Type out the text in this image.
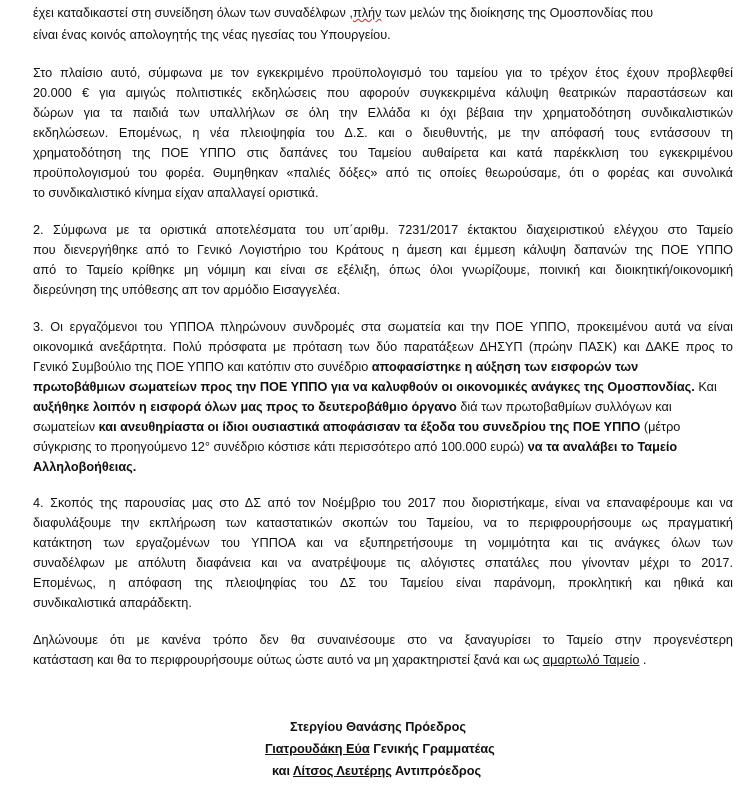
έχει καταδικαστεί στη συνείδηση όλων των συναδέλφων ,πλήν των μελών της διοίκησης της Ομοσπονδίας που
είναι ένας κοινός απολογητής της νέας ηγεσίας του Υπουργείου.
Στο πλαίσιο αυτό, σύμφωνα με τον εγκεκριμένο προϋπολογισμό του ταμείου για το τρέχον έτος έχουν προβλεφθεί
20.000 € για αμιγώς πολιτιστικές εκδηλώσεις που αφορούν συγκεκριμένα κάλυψη θεατρικών παραστάσεων και
δώρων για τα παιδιά των υπαλλήλων σε όλη την Ελλάδα κι όχι βέβαια την χρηματοδότηση συνδικαλιστικών
εκδηλώσεων. Επομένως, η νέα πλειοψηφία του Δ.Σ. και ο διευθυντής, με την απόφασή τους εντάσσουν τη
χρηματοδότηση της ΠΟΕ ΥΠΠΟ στις δαπάνες του Ταμείου αυθαίρετα και κατά παρέκκλιση του εγκεκριμένου
προϋπολογισμού του φορέα. Θυμηθηκαν «παλιές δόξες» από τις οποίες θεωρούσαμε, ότι ο φορέας και συνολικά
το συνδικαλιστικό κίνημα είχαν απαλλαγεί οριστικά.
2. Σύμφωνα με τα οριστικά αποτελέσματα του υπ΄αριθμ. 7231/2017 έκτακτου διαχειριστικού ελέγχου στο Ταμείο
που διενεργήθηκε από το Γενικό Λογιστήριο του Κράτους η άμεση και έμμεση κάλυψη δαπανών της ΠΟΕ ΥΠΠΟ
από το Ταμείο κρίθηκε μη νόμιμη και είναι σε εξέλιξη, όπως όλοι γνωρίζουμε, ποινική και διοικητική/οικονομική
διερεύνηση της υπόθεσης απ τον αρμόδιο Εισαγγελέα.
3. Οι εργαζόμενοι του ΥΠΠΟΑ πληρώνουν συνδρομές στα σωματεία και την ΠΟΕ ΥΠΠΟ, προκειμένου αυτά να είναι
οικονομικά ανεξάρτητα. Πολύ πρόσφατα με πρόταση των δύο παρατάξεων ΔΗΣΥΠ (πρώην ΠΑΣΚ) και ΔΑΚΕ προς το
Γενικό Συμβούλιο της ΠΟΕ ΥΠΠΟ και κατόπιν στο συνέδριο αποφασίστηκε η αύξηση των εισφορών των
πρωτοβάθμιων σωματείων προς την ΠΟΕ ΥΠΠΟ για να καλυφθούν οι οικονομικές ανάγκες της Ομοσπονδίας. Και
αυξήθηκε λοιπόν η εισφορά όλων μας προς το δευτεροβάθμιο όργανο διά των πρωτοβαθμίων συλλόγων και
σωματείων και ανευθηρίαστα οι ίδιοι ουσιαστικά αποφάσισαν τα έξοδα του συνεδρίου της ΠΟΕ ΥΠΠΟ (μέτρο
σύγκρισης το προηγούμενο 12° συνέδριο κόστισε κάτι περισσότερο από 100.000 ευρώ) να τα αναλάβει το Ταμείο
Αλληλοβοήθειας.
4. Σκοπός της παρουσίας μας στο ΔΣ από τον Νοέμβριο του 2017 που διοριστήκαμε, είναι να επαναφέρουμε και να
διαφυλάξουμε την εκπλήρωση των καταστατικών σκοπών του Ταμείου, να το περιφρουρήσουμε ως πραγματική
κατάκτηση των εργαζομένων του ΥΠΠΟΑ και να εξυπηρετήσουμε τη νομιμότητα και τις ανάγκες όλων των
συναδέλφων με απόλυτη διαφάνεια και να ανατρέψουμε τις αλόγιστες σπατάλες που γίνονταν μέχρι το 2017.
Επομένως, η απόφαση της πλειοψηφίας του ΔΣ του Ταμείου είναι παράνομη, προκλητική και ηθικά και
συνδικαλιστικά απαράδεκτη.
Δηλώνουμε ότι με κανένα τρόπο δεν θα συναινέσουμε στο να ξαναγυρίσει το Ταμείο στην προγενέστερη
κατάσταση και θα το περιφρουρήσουμε ούτως ώστε αυτό να μη χαρακτηριστεί ξανά και ως αμαρτωλό Ταμείο .
Στεργίου Θανάσης Πρόεδρος
Γιατρουδάκη Εύα Γενικής Γραμματέας
και Λίτσος Λευτέρης Αντιπρόεδρος
